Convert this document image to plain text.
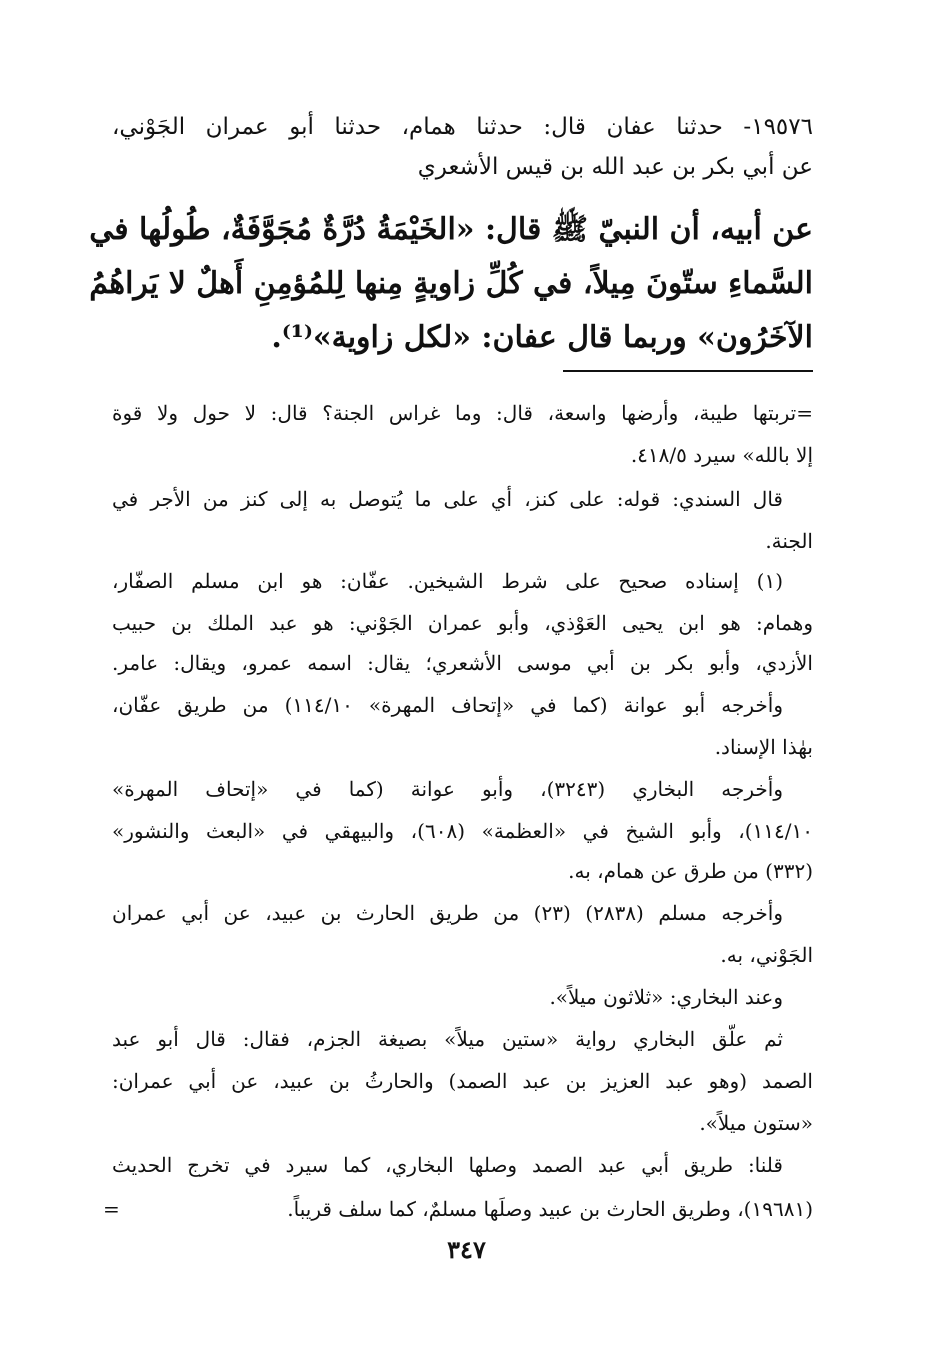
١٩٥٧٦- حدثنا عفان قال: حدثنا همام، حدثنا أبو عمران الجَوْني،
عن أبي بكر بن عبد الله بن قيس الأشعري
عن أبيه، أن النبيّ ﷺ قال: «الخَيْمَةُ دُرَّةٌ مُجَوَّفَةٌ، طُولُها في
السَّماءِ ستّونَ مِيلاً، في كُلِّ زاويةٍ مِنها لِلمُؤمِنِ أَهلٌ لا يَراهُمُ
الآخَرُون» وربما قال عفان: «لكل زاوية»⁽¹⁾.
=تربتها طيبة، وأرضها واسعة، قال: وما غراس الجنة؟ قال: لا حول ولا قوة
إلا بالله» سيرد ٤١٨/٥.
قال السندي: قوله: على كنز، أي على ما يُتوصل به إلى كنز من الأجر في
الجنة.
(١) إسناده صحيح على شرط الشيخين. عفّان: هو ابن مسلم الصفّار،
وهمام: هو ابن يحيى العَوْذي، وأبو عمران الجَوْني: هو عبد الملك بن حبيب
الأزدي، وأبو بكر بن أبي موسى الأشعري؛ يقال: اسمه عمرو، ويقال: عامر.
وأخرجه أبو عوانة (كما في «إتحاف المهرة» ١١٤/١٠) من طريق عفّان،
بهٰذا الإسناد.
وأخرجه البخاري (٣٢٤٣)، وأبو عوانة (كما في «إتحاف المهرة»
١١٤/١٠)، وأبو الشيخ في «العظمة» (٦٠٨)، والبيهقي في «البعث والنشور»
(٣٣٢) من طرق عن همام، به.
وأخرجه مسلم (٢٨٣٨) (٢٣) من طريق الحارث بن عبيد، عن أبي عمران
الجَوْني، به.
وعند البخاري: «ثلاثون ميلاً».
ثم علّق البخاري رواية «ستين ميلاً» بصيغة الجزم، فقال: قال أبو عبد
الصمد (وهو عبد العزيز بن عبد الصمد) والحارثُ بن عبيد، عن أبي عمران:
«ستون ميلاً».
قلنا: طريق أبي عبد الصمد وصلها البخاري، كما سيرد في تخرج الحديث
(١٩٦٨١)، وطريق الحارث بن عبيد وصلَها مسلمٌ، كما سلف قريباً.
=
٣٤٧
